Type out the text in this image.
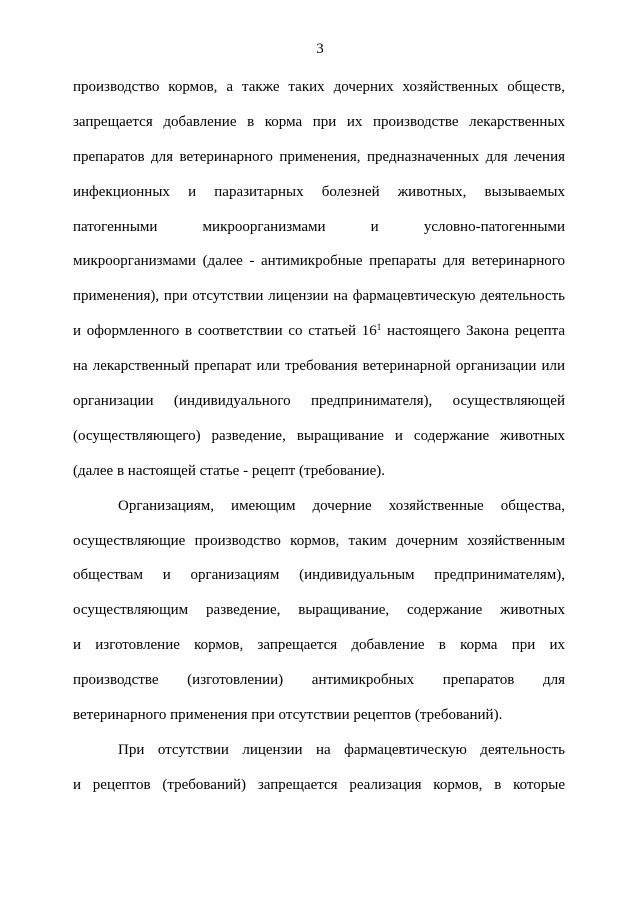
3
производство кормов, а также таких дочерних хозяйственных обществ,
запрещается добавление в корма при их производстве лекарственных
препаратов для ветеринарного применения, предназначенных для лечения
инфекционных и паразитарных болезней животных, вызываемых
патогенными микроорганизмами и условно-патогенными
микроорганизмами (далее - антимикробные препараты для ветеринарного
применения), при отсутствии лицензии на фармацевтическую деятельность
и оформленного в соответствии со статьей $16^1$ настоящего Закона рецепта
на лекарственный препарат или требования ветеринарной организации или
организации (индивидуального предпринимателя), осуществляющей
(осуществляющего) разведение, выращивание и содержание животных
(далее в настоящей статье - рецепт (требование).
Организациям, имеющим дочерние хозяйственные общества,
осуществляющие производство кормов, таким дочерним хозяйственным
обществам и организациям (индивидуальным предпринимателям),
осуществляющим разведение, выращивание, содержание животных
и изготовление кормов, запрещается добавление в корма при их
производстве (изготовлении) антимикробных препаратов для
ветеринарного применения при отсутствии рецептов (требований).
При отсутствии лицензии на фармацевтическую деятельность
и рецептов (требований) запрещается реализация кормов, в которые
